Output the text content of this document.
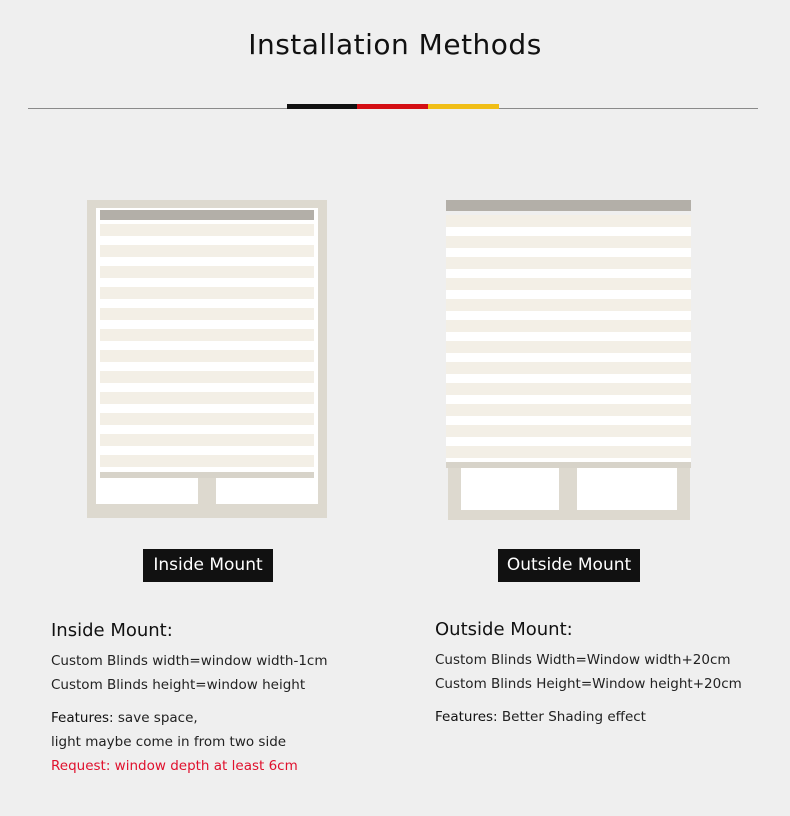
Installation Methods
Inside Mount	Outside Mount
Inside Mount:

Custom Blinds width=window width-1cm

Custom Blinds height=window height

Features: save space,

light maybe come in from two side

Request: window depth at least 6cm

Outside Mount:

Custom Blinds Width=Window width+20cm

Custom Blinds Height=Window height+20cm

Features: Better Shading effect
